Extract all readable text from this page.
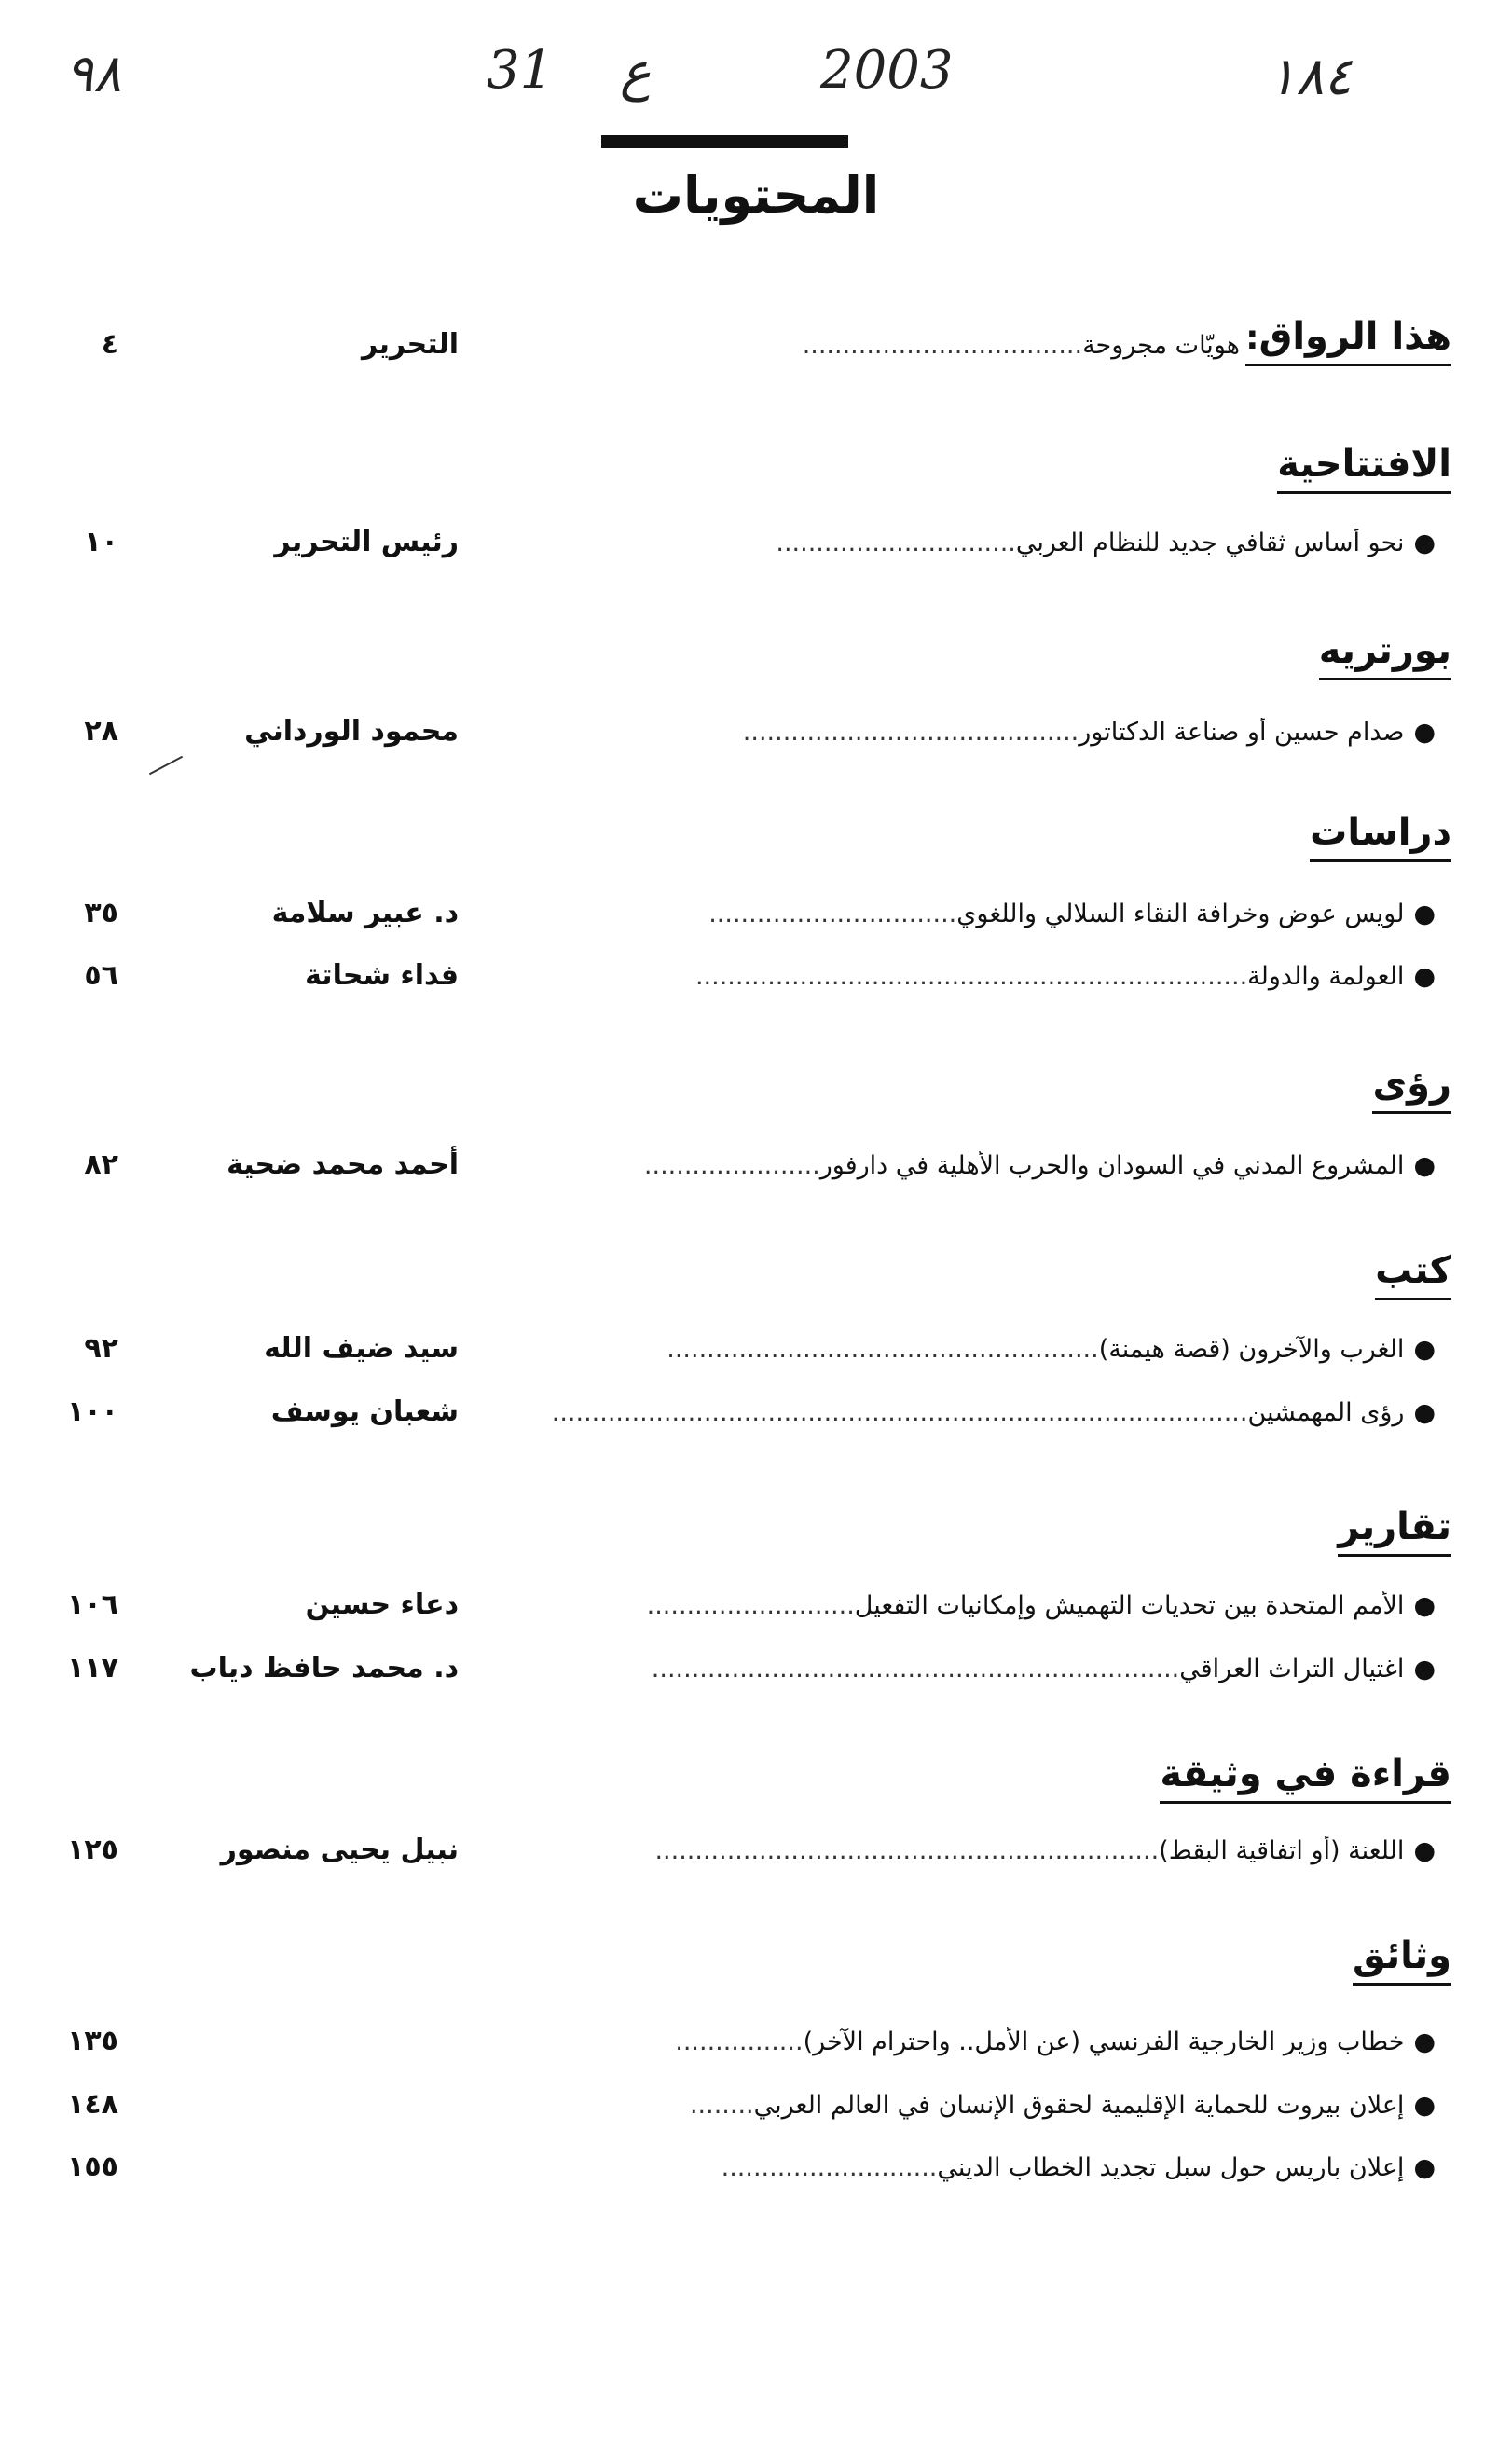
٩٨	31 ع	2003	١٨٤
المحتويات
هذا الرواق:
هويّات مجروحة...................................
التحرير
٤
الافتتاحية
●نحو أساس ثقافي جديد للنظام العربي..............................
رئيس التحرير
١٠
بورتريه
●صدام حسين أو صناعة الدكتاتور..........................................
محمود الورداني
٢٨
دراسات
●لويس عوض وخرافة النقاء السلالي واللغوي...............................
د. عبير سلامة
٣٥
●العولمة والدولة.....................................................................
فداء شحاتة
٥٦
رؤى
●المشروع المدني في السودان والحرب الأهلية في دارفور......................
أحمد محمد ضحية
٨٢
كتب
●الغرب والآخرون (قصة هيمنة)......................................................
سيد ضيف الله
٩٢
●رؤى المهمشين.......................................................................................
شعبان يوسف
١٠٠
تقارير
●الأمم المتحدة بين تحديات التهميش وإمكانيات التفعيل..........................
دعاء حسين
١٠٦
●اغتيال التراث العراقي..................................................................
د. محمد حافظ دياب
١١٧
قراءة في وثيقة
●اللعنة (أو اتفاقية البقط)...............................................................
نبيل يحيى منصور
١٢٥
وثائق
●خطاب وزير الخارجية الفرنسي (عن الأمل.. واحترام الآخر)................
١٣٥
●إعلان بيروت للحماية الإقليمية لحقوق الإنسان في العالم العربي........
١٤٨
●إعلان باريس حول سبل تجديد الخطاب الديني...........................
١٥٥
